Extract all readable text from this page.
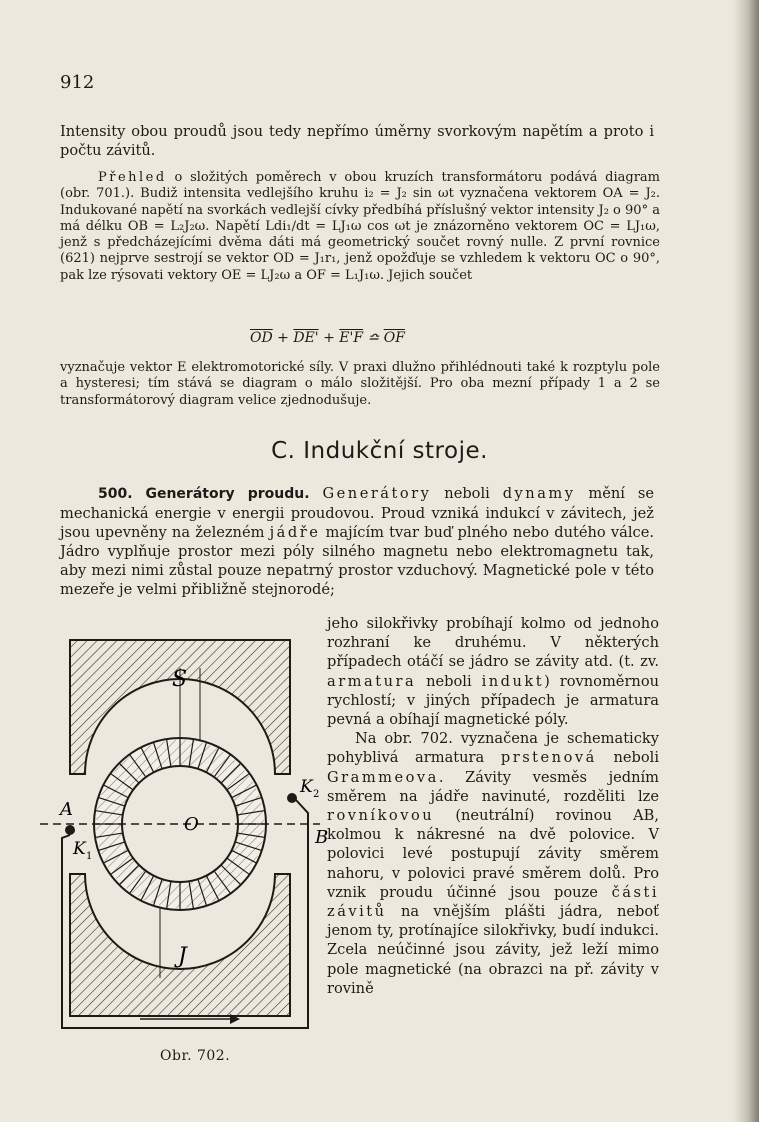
912

Intensity obou proudů jsou tedy nepřímo úměrny svorkovým napětím a proto i počtu závitů.

Přehled o složitých poměrech v obou kruzích transformátoru podává diagram (obr. 701.). Budiž intensita vedlejšího kruhu i₂ = J₂ sin ωt vyznačena vektorem OA = J₂. Indukované napětí na svorkách vedlejší cívky předbíhá příslušný vektor intensity J₂ o 90° a má délku OB = L₂J₂ω. Napětí Ldi₁/dt = LJ₁ω cos ωt je znázorněno vektorem OC = LJ₁ω, jenž s předcházejícími dvěma dáti má geometrický součet rovný nulle. Z první rovnice (621) nejprve sestrojí se vektor OD = J₁r₁, jenž opožďuje se vzhledem k vektoru OC o 90°, pak lze rýsovati vektory OE = LJ₂ω a OF = L₁J₁ω. Jejich součet

$\overline{OD} + DE' + E'F$ ≏ $\overline{OF}$

vyznačuje vektor E elektromotorické síly. V praxi dlužno přihlédnouti také k rozptylu pole a hysteresi; tím stává se diagram o málo složitější. Pro oba mezní případy 1 a 2 se transformátorový diagram velice zjednodušuje.

C. Indukční stroje.

500. Generátory proudu. Generátory neboli dynamy mění se mechanická energie v energii proudovou. Proud vzniká indukcí v závitech, jež jsou upevněny na železném jádře majícím tvar buď plného nebo dutého válce. Jádro vyplňuje prostor mezi póly silného magnetu nebo elektromagnetu tak, aby mezi nimi zůstal pouze nepatrný prostor vzduchový. Magnetické pole v této mezeře je velmi přibližně stejnorodé;

jeho silokřivky probíhají kolmo od jednoho rozhraní ke druhému. V některých případech otáčí se jádro se závity atd. (t. zv. armatura neboli indukt) rovnoměrnou rychlostí; v jiných případech je armatura pevná a obíhají magnetické póly.
Na obr. 702. vyznačena je schematicky pohyblivá armatura prstenová neboli Grammeova. Závity vesměs jedním směrem na jádře navinuté, rozděliti lze rovníkovou (neutrální) rovinou AB, kolmou k nákresné na dvě polovice. V polovici levé postupují závity směrem nahoru, v polovici pravé směrem dolů. Pro vznik proudu účinné jsou pouze části závitů na vnějším plášti jádra, neboť jenom ty, protínajíce silokřivky, budí indukci. Zcela neúčinné jsou závity, jež leží mimo pole magnetické (na obrazci na př. závity v rovině
S
J
A
B
O
K 1
K 2
Obr. 702.
